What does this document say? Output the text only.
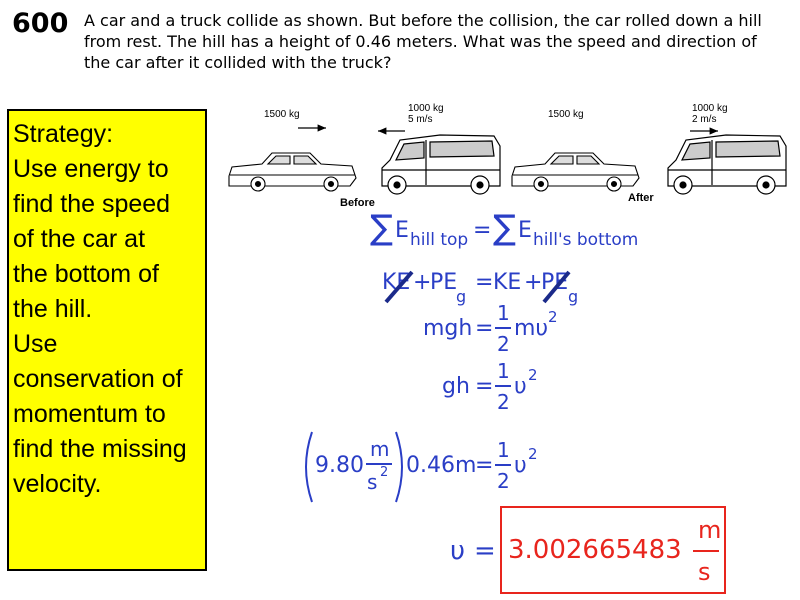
600 A car and a truck collide as shown. But before the collision, the car rolled down a hill from rest. The hill has a height of 0.46 meters. What was the speed and direction of the car after it collided with the truck?
Strategy:
Use energy to
find the speed
of the car at
the bottom of
the hill.
Use
conservation of
momentum to
find the missing
velocity.
1500 kg
1000 kg
5 m/s	1500 kg
1000 kg
2 m/s
Before	After
∑ E hill top = ∑ E hill's bottom
KE +
PE
g
= KE +
PE
g
mgh =
1
2
mυ 2
gh =
1
2
υ 2
9.80
m
s 2 0.46m
=
1
2
υ 2
υ = 3.002665483
m
s
